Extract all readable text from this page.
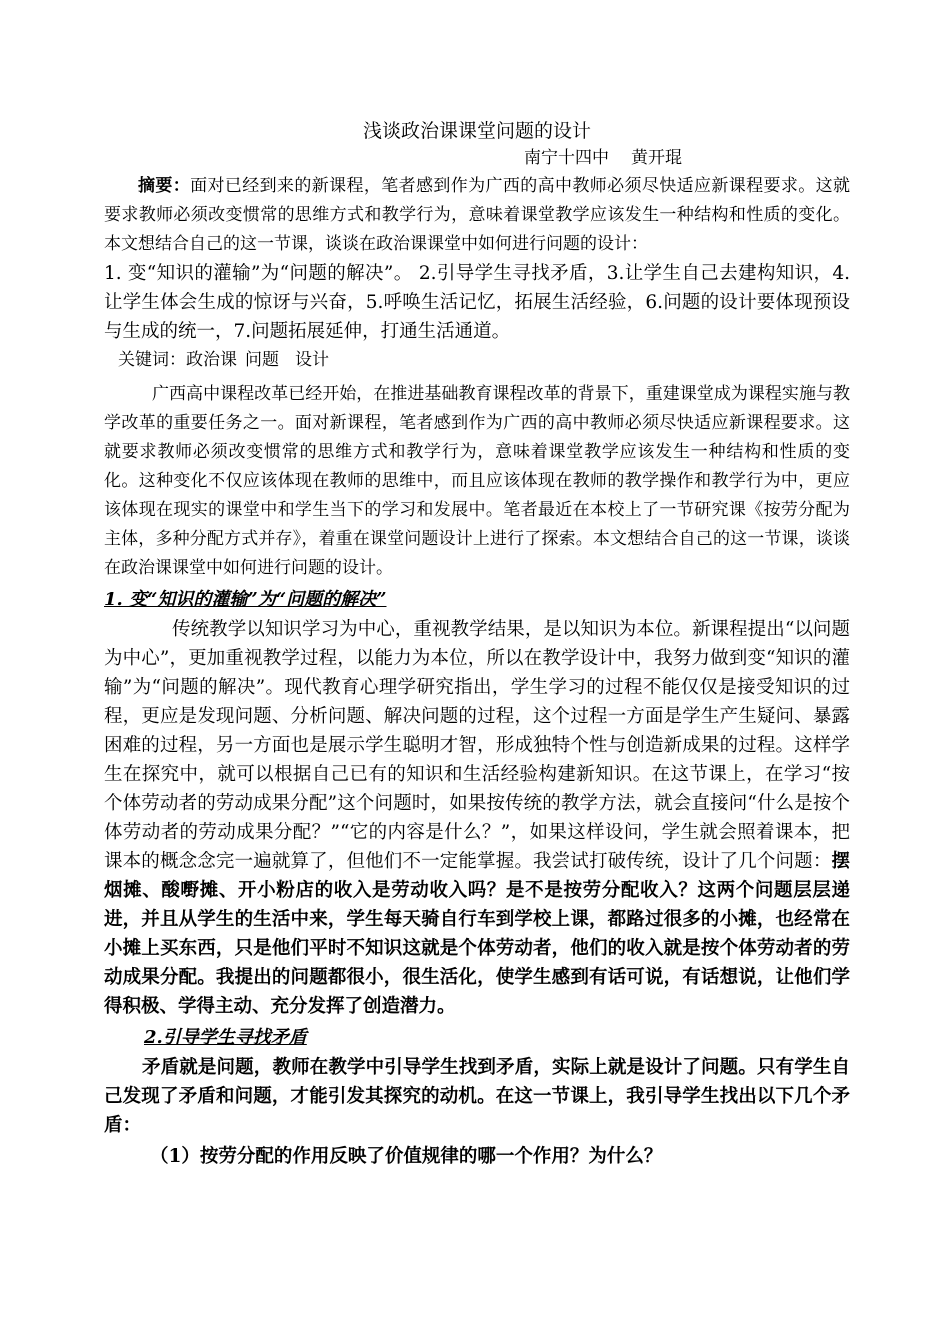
浅谈政治课课堂问题的设计

南宁十四中 黄开琨

摘要：面对已经到来的新课程，笔者感到作为广西的高中教师必须尽快适应新课程要求。这就要求教师必须改变惯常的思维方式和教学行为，意味着课堂教学应该发生一种结构和性质的变化。本文想结合自己的这一节课，谈谈在政治课课堂中如何进行问题的设计：

1. 变“知识的灌输”为“问题的解决”。 2.引导学生寻找矛盾，3.让学生自己去建构知识，4.让学生体会生成的惊讶与兴奋，5.呼唤生活记忆，拓展生活经验，6.问题的设计要体现预设与生成的统一，7.问题拓展延伸，打通生活通道。

关键词：政治课 问题 设计

广西高中课程改革已经开始，在推进基础教育课程改革的背景下，重建课堂成为课程实施与教学改革的重要任务之一。面对新课程，笔者感到作为广西的高中教师必须尽快适应新课程要求。这就要求教师必须改变惯常的思维方式和教学行为，意味着课堂教学应该发生一种结构和性质的变化。这种变化不仅应该体现在教师的思维中，而且应该体现在教师的教学操作和教学行为中，更应该体现在现实的课堂中和学生当下的学习和发展中。笔者最近在本校上了一节研究课《按劳分配为主体，多种分配方式并存》，着重在课堂问题设计上进行了探索。本文想结合自己的这一节课，谈谈在政治课课堂中如何进行问题的设计。

1. 变“知识的灌输”为“问题的解决”

传统教学以知识学习为中心，重视教学结果，是以知识为本位。新课程提出“以问题为中心”，更加重视教学过程，以能力为本位，所以在教学设计中，我努力做到变“知识的灌输”为“问题的解决”。现代教育心理学研究指出，学生学习的过程不能仅仅是接受知识的过程，更应是发现问题、分析问题、解决问题的过程，这个过程一方面是学生产生疑问、暴露困难的过程，另一方面也是展示学生聪明才智，形成独特个性与创造新成果的过程。这样学生在探究中，就可以根据自己已有的知识和生活经验构建新知识。在这节课上，在学习“按个体劳动者的劳动成果分配”这个问题时，如果按传统的教学方法，就会直接问“什么是按个体劳动者的劳动成果分配？”“它的内容是什么？”，如果这样设问，学生就会照着课本，把课本的概念念完一遍就算了，但他们不一定能掌握。我尝试打破传统，设计了几个问题：摆烟摊、酸嘢摊、开小粉店的收入是劳动收入吗？是不是按劳分配收入？这两个问题层层递进，并且从学生的生活中来，学生每天骑自行车到学校上课，都路过很多的小摊，也经常在小摊上买东西，只是他们平时不知识这就是个体劳动者，他们的收入就是按个体劳动者的劳动成果分配。我提出的问题都很小，很生活化，使学生感到有话可说，有话想说，让他们学得积极、学得主动、充分发挥了创造潜力。

2.引导学生寻找矛盾

矛盾就是问题，教师在教学中引导学生找到矛盾，实际上就是设计了问题。只有学生自己发现了矛盾和问题，才能引发其探究的动机。在这一节课上，我引导学生找出以下几个矛盾：

（1）按劳分配的作用反映了价值规律的哪一个作用？为什么？
